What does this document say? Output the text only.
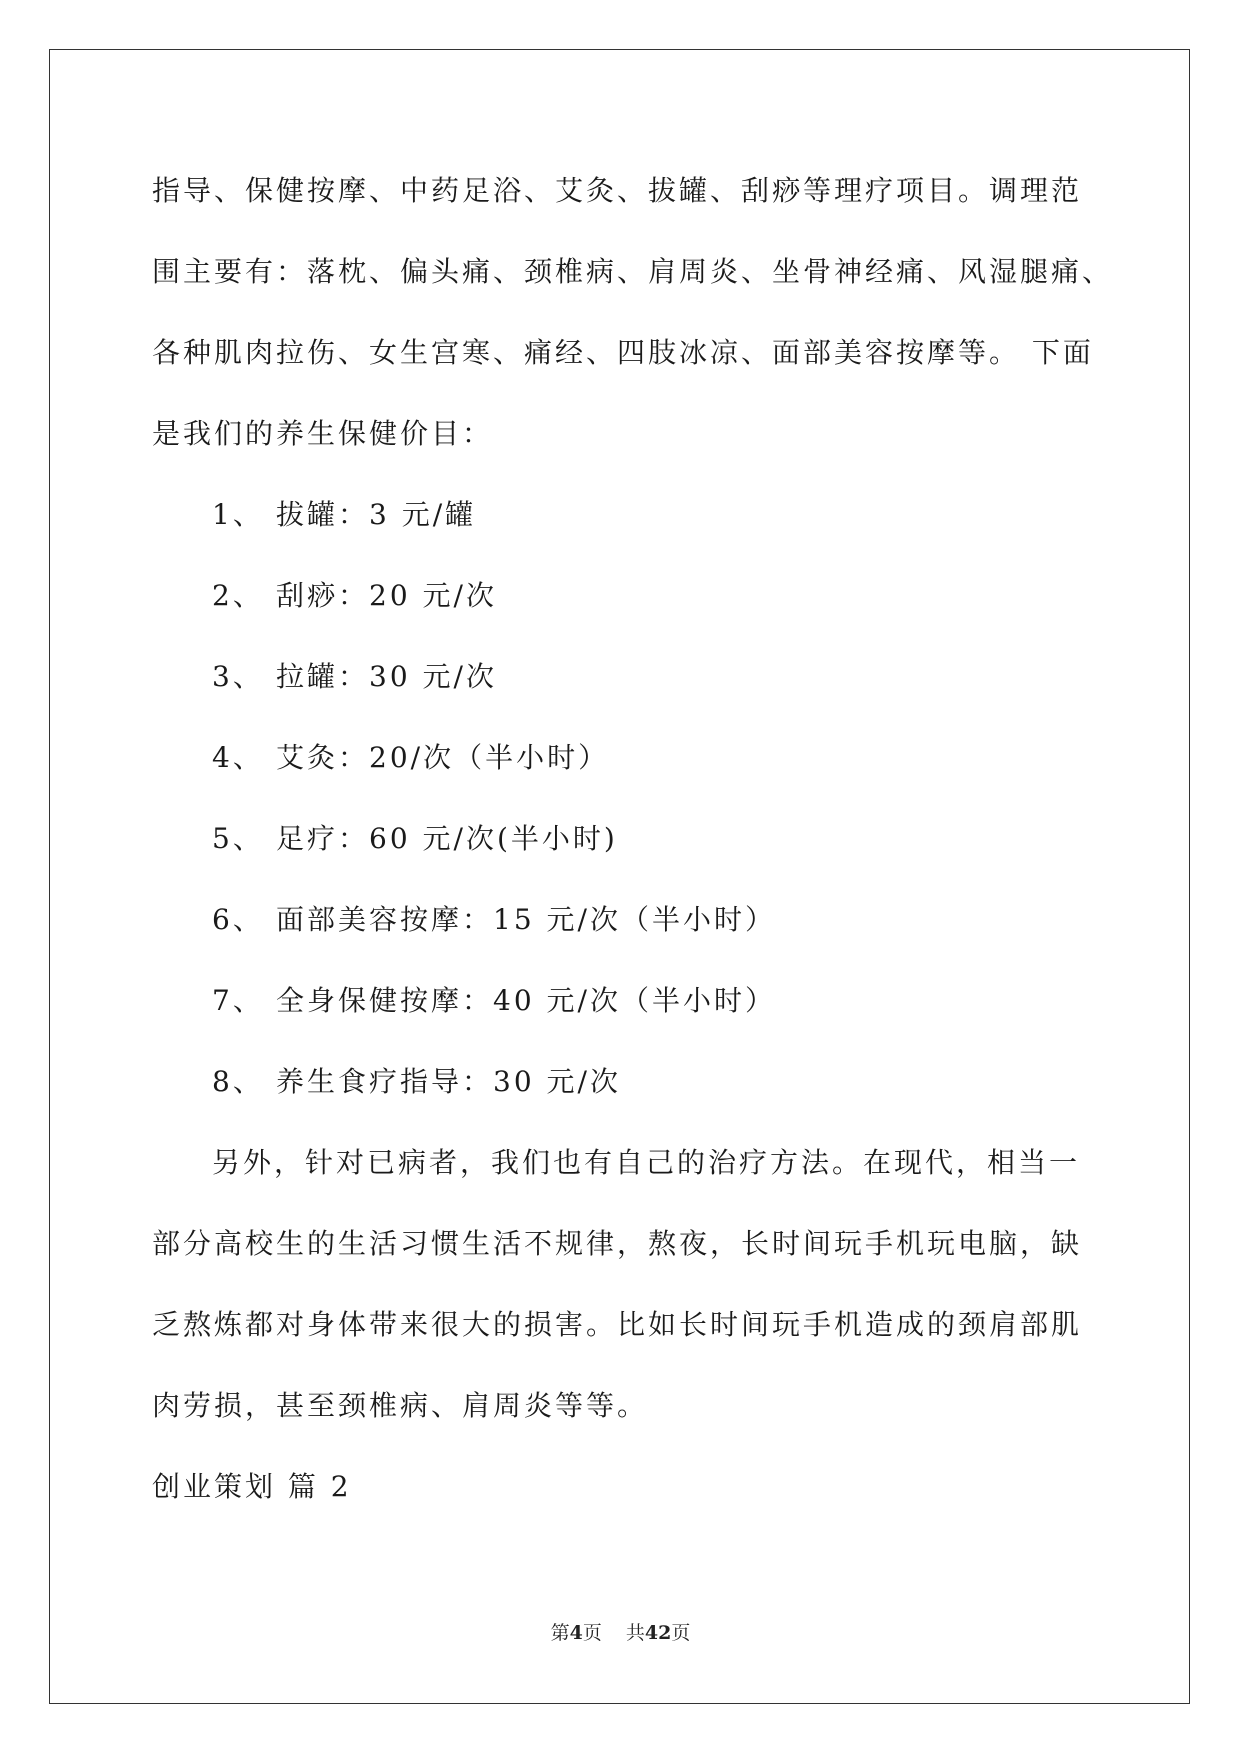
指导、保健按摩、中药足浴、艾灸、拔罐、刮痧等理疗项目。调理范
围主要有：落枕、偏头痛、颈椎病、肩周炎、坐骨神经痛、风湿腿痛、
各种肌肉拉伤、女生宫寒、痛经、四肢冰凉、面部美容按摩等。 下面
是我们的养生保健价目：
1、 拔罐：3 元/罐
2、 刮痧：20 元/次
3、 拉罐：30 元/次
4、 艾灸：20/次（半小时）
5、 足疗：60 元/次(半小时)
6、 面部美容按摩：15 元/次（半小时）
7、 全身保健按摩：40 元/次（半小时）
8、 养生食疗指导：30 元/次
另外，针对已病者，我们也有自己的治疗方法。在现代，相当一
部分高校生的生活习惯生活不规律，熬夜，长时间玩手机玩电脑，缺
乏熬炼都对身体带来很大的损害。比如长时间玩手机造成的颈肩部肌
肉劳损，甚至颈椎病、肩周炎等等。
创业策划 篇 2
第4页 共42页
